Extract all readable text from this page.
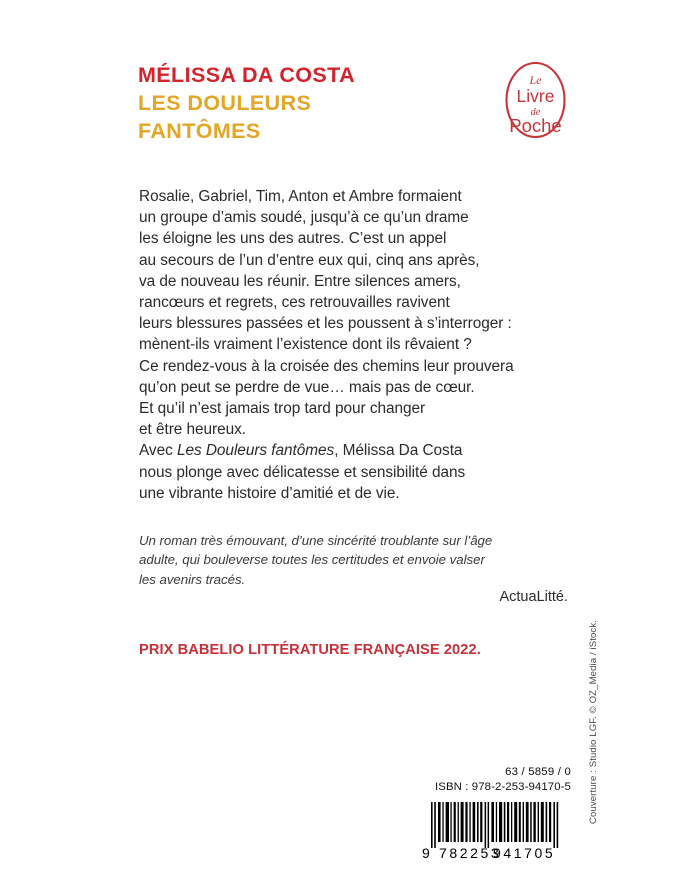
MÉLISSA DA COSTA
LES DOULEURS
FANTÔMES
Le
Livre
de
Poche
Rosalie, Gabriel, Tim, Anton et Ambre formaient
un groupe d’amis soudé, jusqu’à ce qu’un drame
les éloigne les uns des autres. C’est un appel
au secours de l’un d’entre eux qui, cinq ans après,
va de nouveau les réunir. Entre silences amers,
rancœurs et regrets, ces retrouvailles ravivent
leurs blessures passées et les poussent à s’interroger :
mènent-ils vraiment l’existence dont ils rêvaient ?
Ce rendez-vous à la croisée des chemins leur prouvera
qu’on peut se perdre de vue… mais pas de cœur.
Et qu’il n’est jamais trop tard pour changer
et être heureux.
Avec Les Douleurs fantômes, Mélissa Da Costa
nous plonge avec délicatesse et sensibilité dans
une vibrante histoire d’amitié et de vie.
Un roman très émouvant, d’une sincérité troublante sur l’âge
adulte, qui bouleverse toutes les certitudes et envoie valser
les avenirs tracés.
ActuaLitté.
PRIX BABELIO LITTÉRATURE FRANÇAISE 2022.
63 / 5859 / 0
ISBN : 978-2-253-94170-5
9 782253
941705
Couverture : Studio LGF. © OZ_Media / iStock.
